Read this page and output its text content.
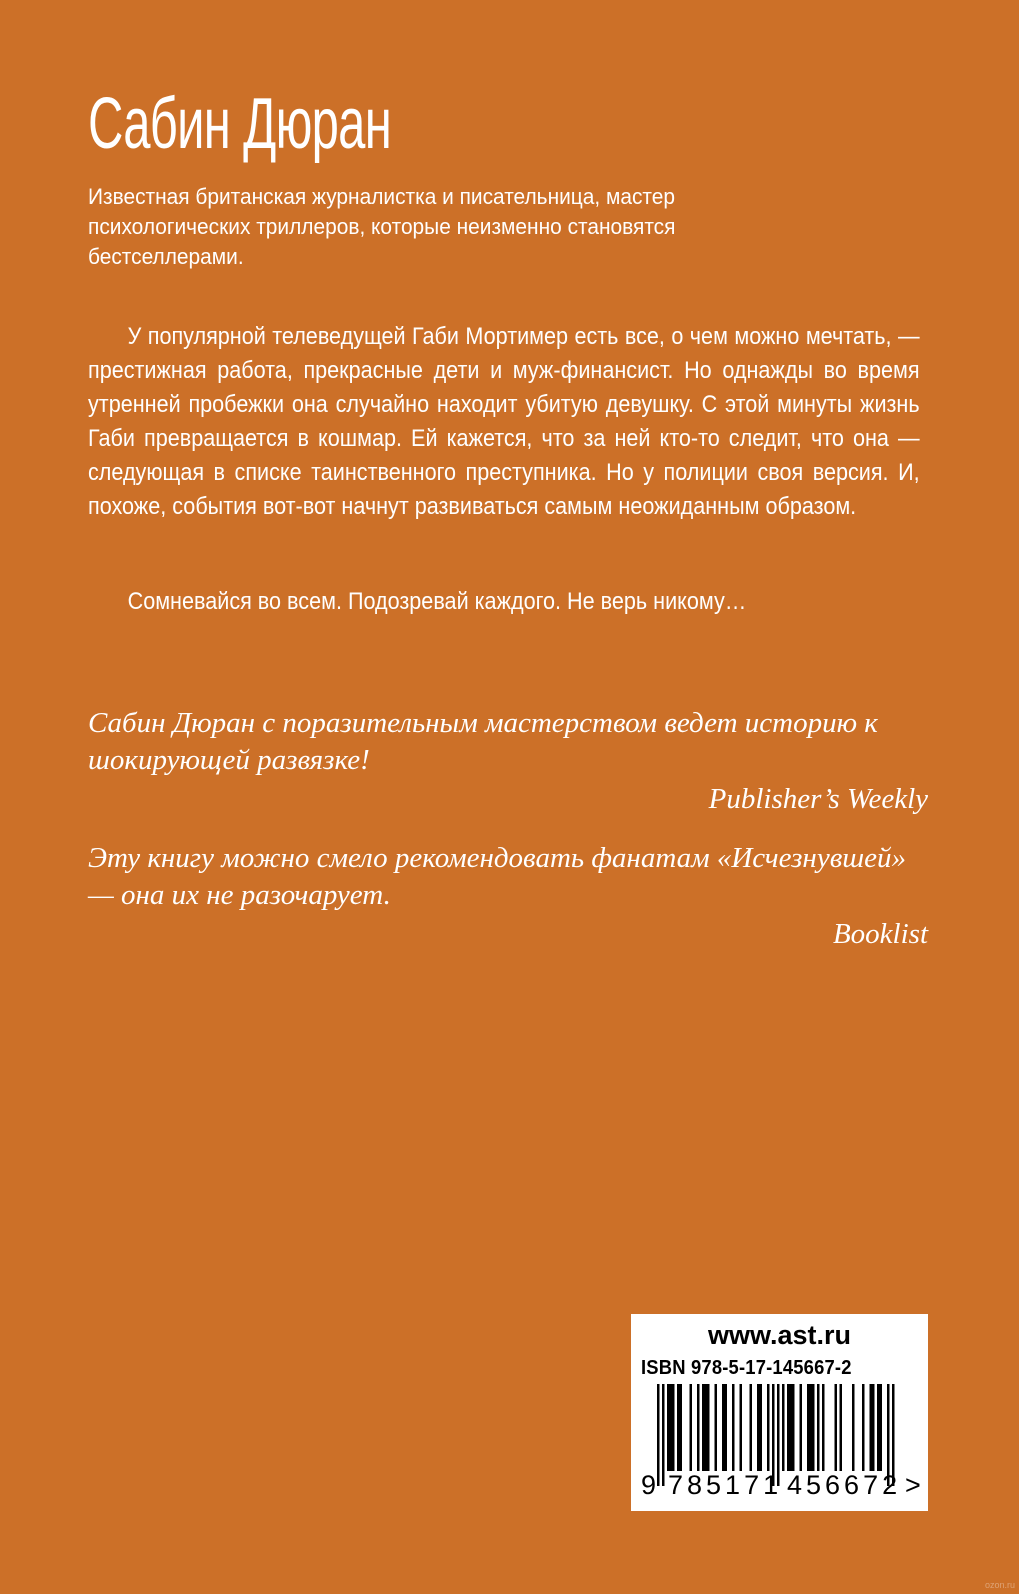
Сабин Дюран
Известная британская журналистка и писательница, мастер психологических триллеров, которые неизменно становятся бестселлерами.

У популярной телеведущей Габи Мортимер есть все, о чем можно мечтать, — престижная работа, прекрасные дети и муж-финансист. Но однажды во время утренней пробежки она случайно находит убитую девушку. С этой минуты жизнь Габи превращается в кошмар. Ей кажется, что за ней кто-то следит, что она — следующая в списке таинственного преступника. Но у полиции своя версия. И, похоже, события вот-вот начнут развиваться самым неожиданным образом.

Сомневайся во всем. Подозревай каждого. Не верь никому…

Сабин Дюран с поразительным мастерством ведет историю к шокирующей развязке!
Publisher’s Weekly
Эту книгу можно смело рекомендовать фанатам «Исчезнувшей» — она их не разочарует.
Booklist
www.ast.ru
ISBN 978-5-17-145667-2
9 785171 456672 >
ozon.ru
